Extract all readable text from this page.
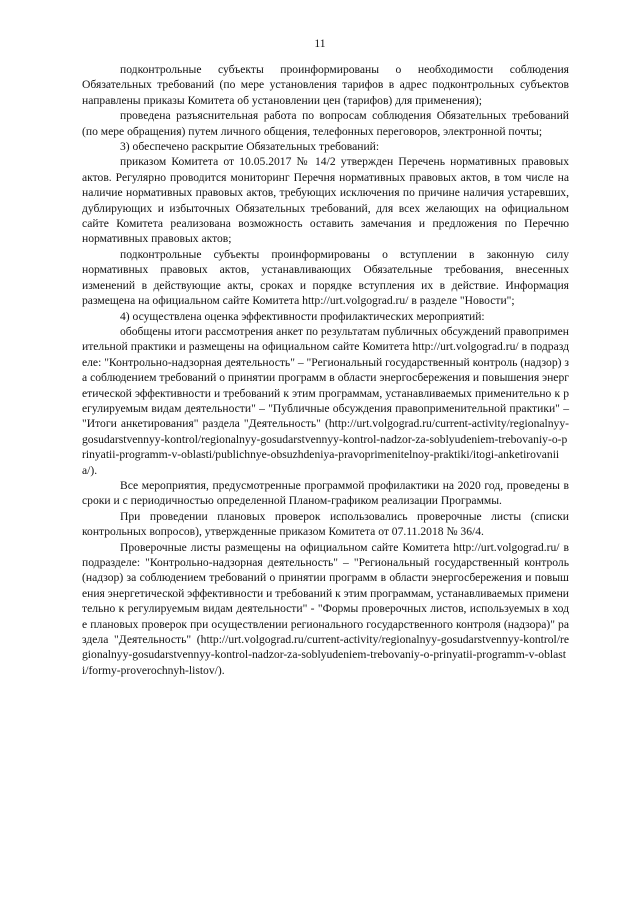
11

подконтрольные субъекты проинформированы о необходимости соблюдения Обязательных требований (по мере установления тарифов в адрес подконтрольных субъектов направлены приказы Комитета об установлении цен (тарифов) для применения);

проведена разъяснительная работа по вопросам соблюдения Обязательных требований (по мере обращения) путем личного общения, телефонных переговоров, электронной почты;

3) обеспечено раскрытие Обязательных требований:

приказом Комитета от 10.05.2017 № 14/2 утвержден Перечень нормативных правовых актов. Регулярно проводится мониторинг Перечня нормативных правовых актов, в том числе на наличие нормативных правовых актов, требующих исключения по причине наличия устаревших, дублирующих и избыточных Обязательных требований, для всех желающих на официальном сайте Комитета реализована возможность оставить замечания и предложения по Перечню нормативных правовых актов;

подконтрольные субъекты проинформированы о вступлении в законную силу нормативных правовых актов, устанавливающих Обязательные требования, внесенных изменений в действующие акты, сроках и порядке вступления их в действие. Информация размещена на официальном сайте Комитета http://urt.volgograd.ru/ в разделе "Новости";

4) осуществлена оценка эффективности профилактических мероприятий:

обобщены итоги рассмотрения анкет по результатам публичных обсуждений правоприменительной практики и размещены на официальном сайте Комитета http://urt.volgograd.ru/ в подразделе: "Контрольно-надзорная деятельность" – "Региональный государственный контроль (надзор) за соблюдением требований о принятии программ в области энергосбережения и повышения энергетической эффективности и требований к этим программам, устанавливаемых применительно к регулируемым видам деятельности" – "Публичные обсуждения правоприменительной практики" – "Итоги анкетирования" раздела "Деятельность" (http://urt.volgograd.ru/current-activity/regionalnyy-gosudarstvennyy-kontrol/regionalnyy-gosudarstvennyy-kontrol-nadzor-za-soblyudeniem-trebovaniy-o-prinyatii-programm-v-oblasti/publichnye-obsuzhdeniya-pravoprimenitelnoy-praktiki/itogi-anketirovaniia/).

Все мероприятия, предусмотренные программой профилактики на 2020 год, проведены в сроки и с периодичностью определенной Планом-графиком реализации Программы.

При проведении плановых проверок использовались проверочные листы (списки контрольных вопросов), утвержденные приказом Комитета от 07.11.2018 № 36/4.

Проверочные листы размещены на официальном сайте Комитета http://urt.volgograd.ru/ в подразделе: "Контрольно-надзорная деятельность" – "Региональный государственный контроль (надзор) за соблюдением требований о принятии программ в области энергосбережения и повышения энергетической эффективности и требований к этим программам, устанавливаемых применительно к регулируемым видам деятельности" - "Формы проверочных листов, используемых в ходе плановых проверок при осуществлении регионального государственного контроля (надзора)" раздела "Деятельность" (http://urt.volgograd.ru/current-activity/regionalnyy-gosudarstvennyy-kontrol/regionalnyy-gosudarstvennyy-kontrol-nadzor-za-soblyudeniem-trebovaniy-o-prinyatii-programm-v-oblasti/formy-proverochnyh-listov/).
